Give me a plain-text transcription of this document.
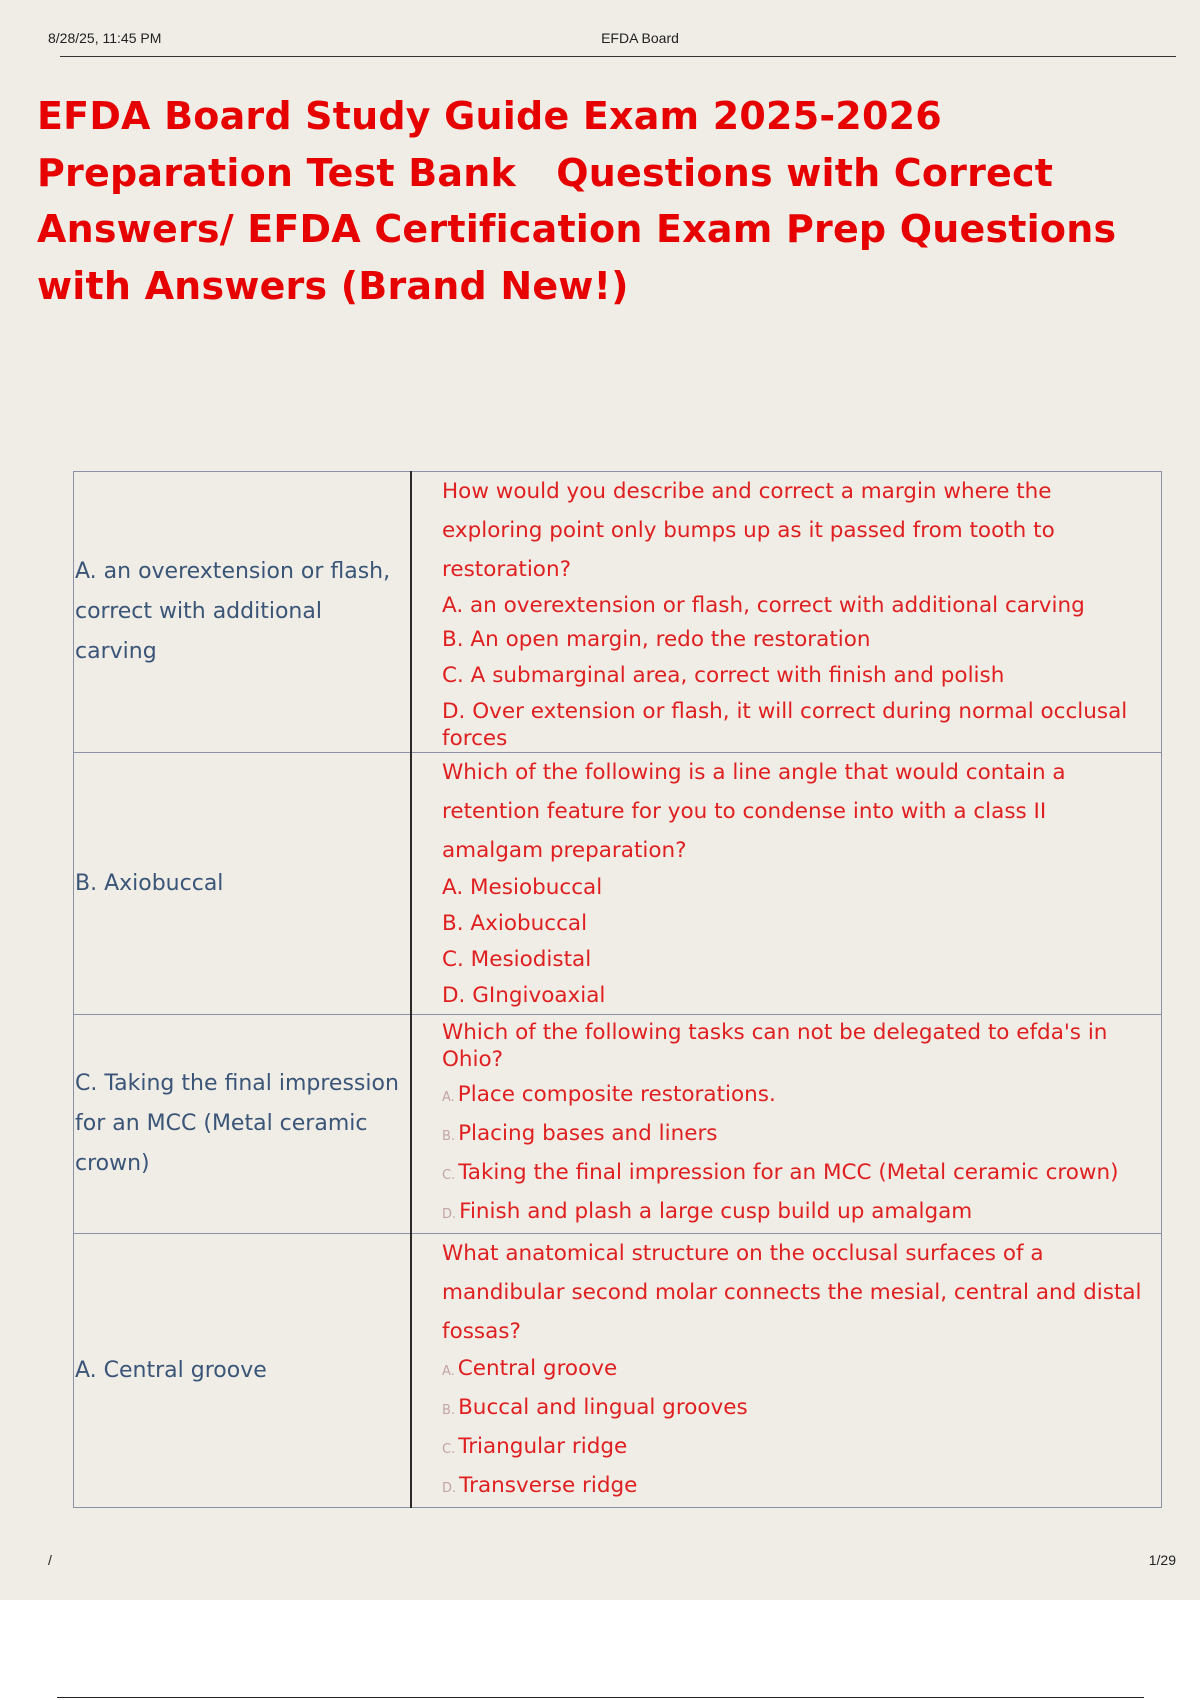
8/28/25, 11:45 PM	EFDA Board
EFDA Board Study Guide Exam 2025-2026
Preparation Test Bank   Questions with Correct
Answers/ EFDA Certification Exam Prep Questions
with Answers (Brand New!)
A. an overextension or flash, correct with additional carving	How would you describe and correct a margin where the exploring point only bumps up as it passed from tooth to restoration?
A. an overextension or flash, correct with additional carving
B. An open margin, redo the restoration
C. A submarginal area, correct with finish and polish
D. Over extension or flash, it will correct during normal occlusal forces

B. Axiobuccal	Which of the following is a line angle that would contain a retention feature for you to condense into with a class II amalgam preparation?
A. Mesiobuccal
B. Axiobuccal
C. Mesiodistal
D. GIngivoaxial

C. Taking the final impression for an MCC (Metal ceramic crown)	Which of the following tasks can not be delegated to efda's in Ohio?
A. Place composite restorations.
B. Placing bases and liners
C. Taking the final impression for an MCC (Metal ceramic crown)
D. Finish and plash a large cusp build up amalgam

A. Central groove	What anatomical structure on the occlusal surfaces of a mandibular second molar connects the mesial, central and distal fossas?
A. Central groove
B. Buccal and lingual grooves
C. Triangular ridge
D. Transverse ridge
/	1/29
